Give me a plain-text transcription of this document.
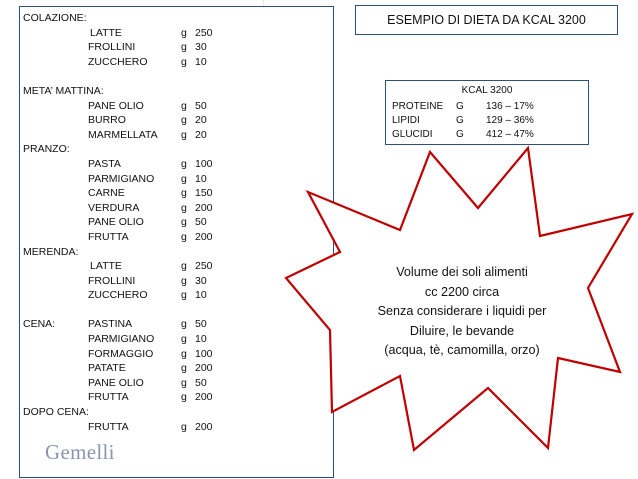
COLAZIONE:
LATTE	g 250
FROLLINI	g 30
ZUCCHERO	g 10
META’ MATTINA:
PANE OLIO	g 50
BURRO	g 20
MARMELLATA g 20
PRANZO:
PASTA	g 100
PARMIGIANO	g 10
CARNE	g 150
VERDURA	g 200
PANE OLIO	g 50
FRUTTA	g 200
MERENDA:
LATTE	g 250
FROLLINI	g 30
ZUCCHERO	g 10
CENA:	PASTINA	g 50
PARMIGIANO	g 10
FORMAGGIO	g 100
PATATE	g 200
PANE OLIO	g 50
FRUTTA	g 200
DOPO CENA:
FRUTTA	g 200
Gemelli
ESEMPIO DI DIETA DA KCAL 3200
KCAL 3200
PROTEINE G 136 – 17%
LIPIDI	G 129 – 36%
GLUCIDI G 412 – 47%
Volume dei soli alimenti
cc 2200 circa
Senza considerare i liquidi per
Diluire, le bevande
(acqua, tè, camomilla, orzo)
